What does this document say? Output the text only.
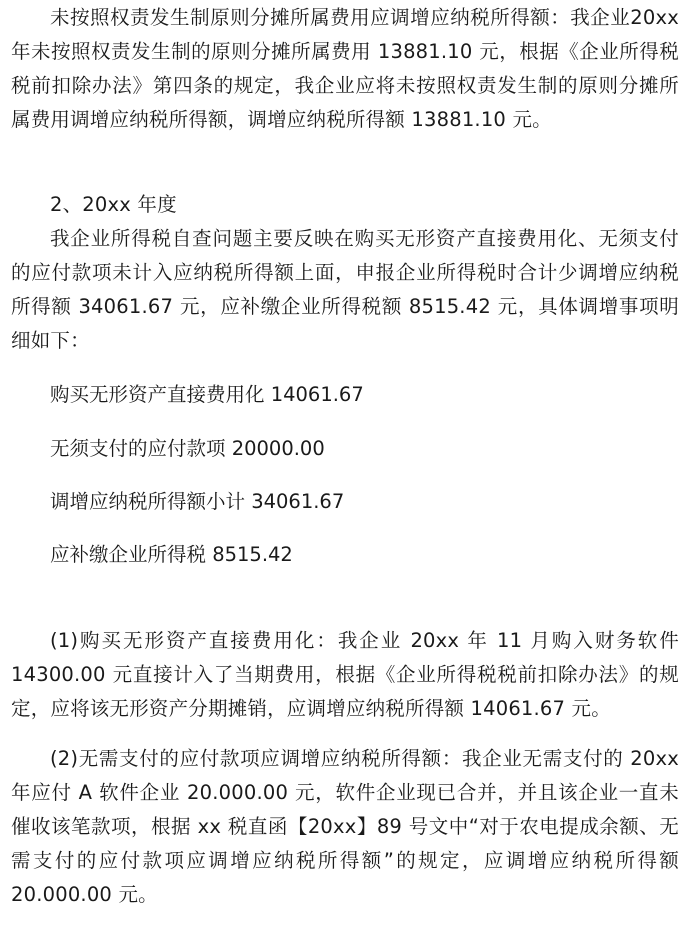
未按照权责发生制原则分摊所属费用应调增应纳税所得额：我企业20xx 年未按照权责发生制的原则分摊所属费用 13881.10 元，根据《企业所得税税前扣除办法》第四条的规定，我企业应将未按照权责发生制的原则分摊所属费用调增应纳税所得额，调增应纳税所得额 13881.10 元。

2、20xx 年度

我企业所得税自查问题主要反映在购买无形资产直接费用化、无须支付的应付款项未计入应纳税所得额上面，申报企业所得税时合计少调增应纳税所得额 34061.67 元，应补缴企业所得税额 8515.42 元，具体调增事项明细如下：

购买无形资产直接费用化 14061.67

无须支付的应付款项 20000.00

调增应纳税所得额小计 34061.67

应补缴企业所得税 8515.42

(1)购买无形资产直接费用化：我企业 20xx 年 11 月购入财务软件 14300.00 元直接计入了当期费用，根据《企业所得税税前扣除办法》的规定，应将该无形资产分期摊销，应调增应纳税所得额 14061.67 元。

(2)无需支付的应付款项应调增应纳税所得额：我企业无需支付的 20xx 年应付 A 软件企业 20.000.00 元，软件企业现已合并，并且该企业一直未催收该笔款项，根据 xx 税直函【20xx】89 号文中“对于农电提成余额、无需支付的应付款项应调增应纳税所得额”的规定，应调增应纳税所得额 20.000.00 元。
